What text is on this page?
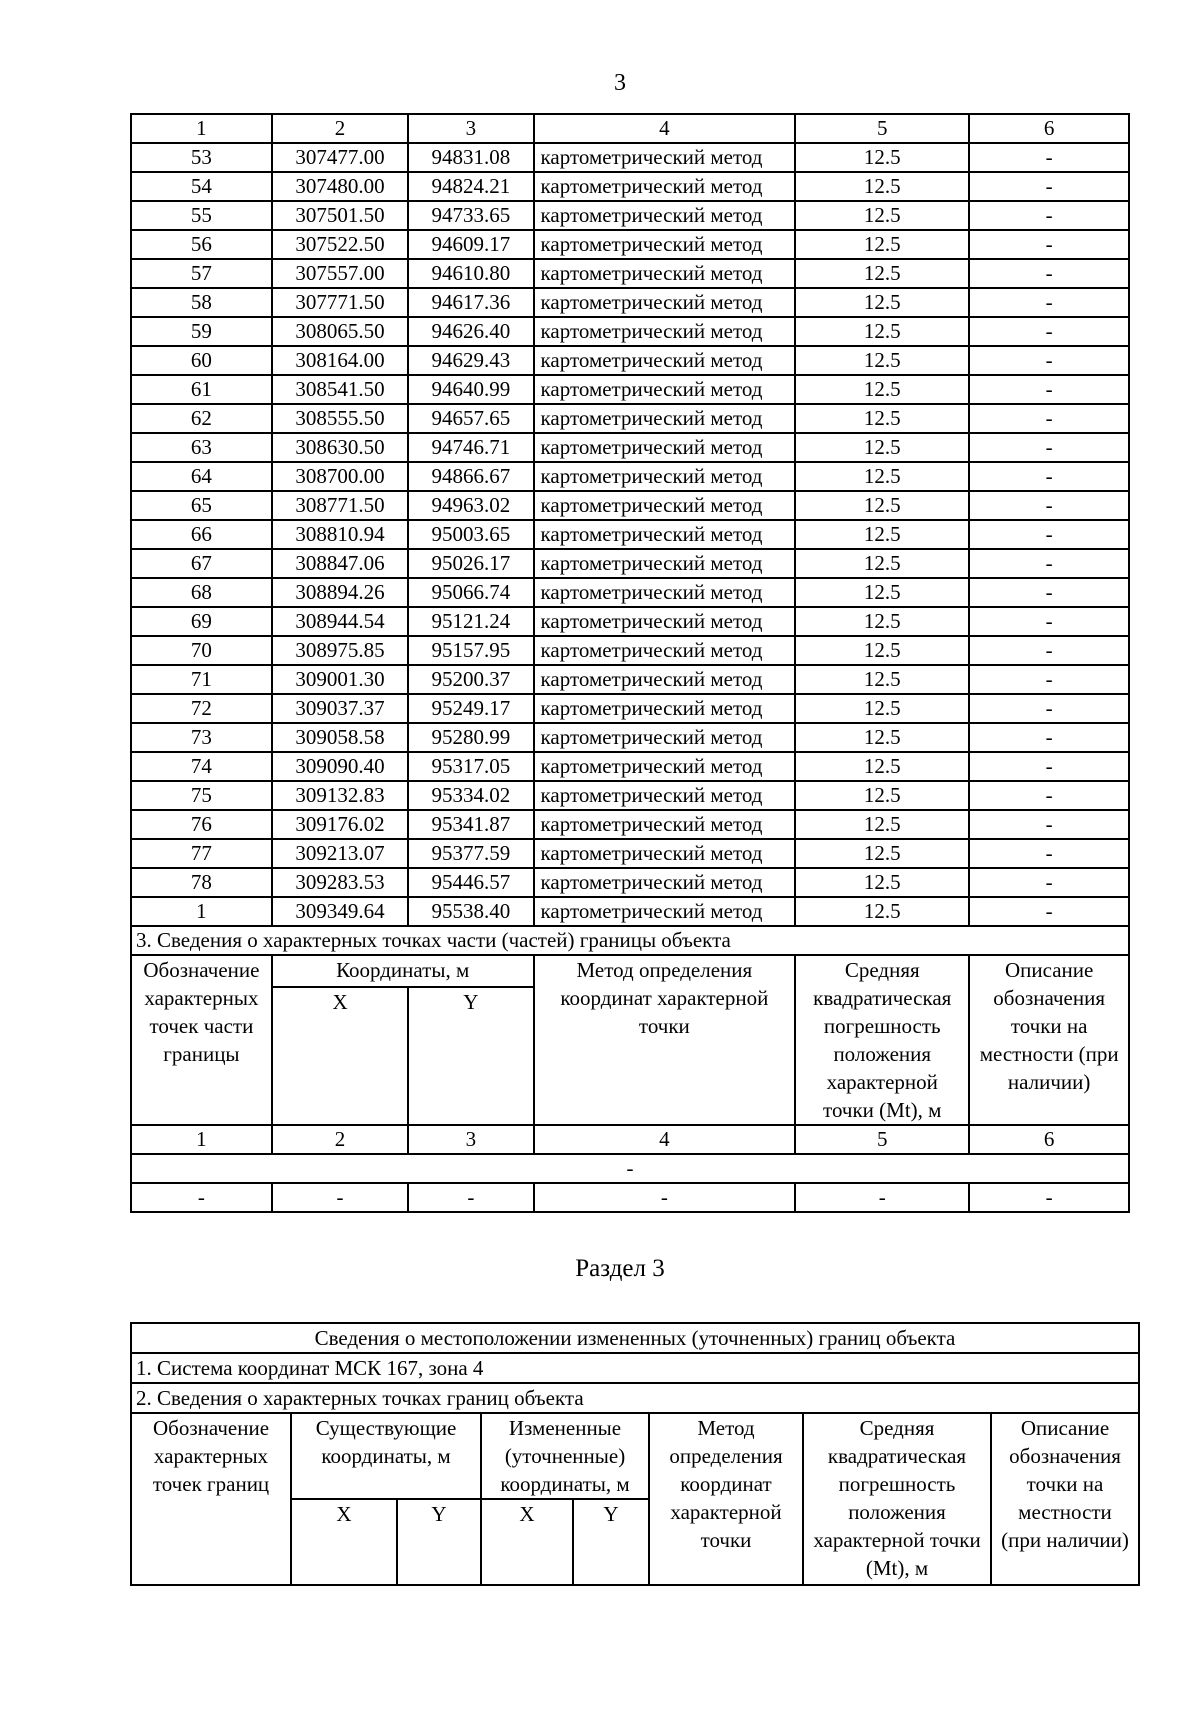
3
1	2	3	4	5	6
53	307477.00	94831.08	картометрический метод	12.5	-
54	307480.00	94824.21	картометрический метод	12.5	-
55	307501.50	94733.65	картометрический метод	12.5	-
56	307522.50	94609.17	картометрический метод	12.5	-
57	307557.00	94610.80	картометрический метод	12.5	-
58	307771.50	94617.36	картометрический метод	12.5	-
59	308065.50	94626.40	картометрический метод	12.5	-
60	308164.00	94629.43	картометрический метод	12.5	-
61	308541.50	94640.99	картометрический метод	12.5	-
62	308555.50	94657.65	картометрический метод	12.5	-
63	308630.50	94746.71	картометрический метод	12.5	-
64	308700.00	94866.67	картометрический метод	12.5	-
65	308771.50	94963.02	картометрический метод	12.5	-
66	308810.94	95003.65	картометрический метод	12.5	-
67	308847.06	95026.17	картометрический метод	12.5	-
68	308894.26	95066.74	картометрический метод	12.5	-
69	308944.54	95121.24	картометрический метод	12.5	-
70	308975.85	95157.95	картометрический метод	12.5	-
71	309001.30	95200.37	картометрический метод	12.5	-
72	309037.37	95249.17	картометрический метод	12.5	-
73	309058.58	95280.99	картометрический метод	12.5	-
74	309090.40	95317.05	картометрический метод	12.5	-
75	309132.83	95334.02	картометрический метод	12.5	-
76	309176.02	95341.87	картометрический метод	12.5	-
77	309213.07	95377.59	картометрический метод	12.5	-
78	309283.53	95446.57	картометрический метод	12.5	-
1	309349.64	95538.40	картометрический метод	12.5	-
3. Сведения о характерных точках части (частей) границы объекта					
Обозначение характерных точек части границы	Координаты, м		Метод определения координат характерной точки	Средняя квадратическая погрешность положения характерной точки (Mt), м	Описание обозначения точки на местности (при наличии)
	X	Y			
1	2	3	4	5	6
-					
-	-	-	-	-	-
Раздел 3
Сведения о местоположении измененных (уточненных) границ объекта							
1. Система координат МСК 167, зона 4							
2. Сведения о характерных точках границ объекта							
Обозначение характерных точек границ	Существующие координаты, м		Измененные (уточненные) координаты, м		Метод определения координат характерной точки	Средняя квадратическая погрешность положения характерной точки (Mt), м	Описание обозначения точки на местности (при наличии)
	X	Y	X	Y			
